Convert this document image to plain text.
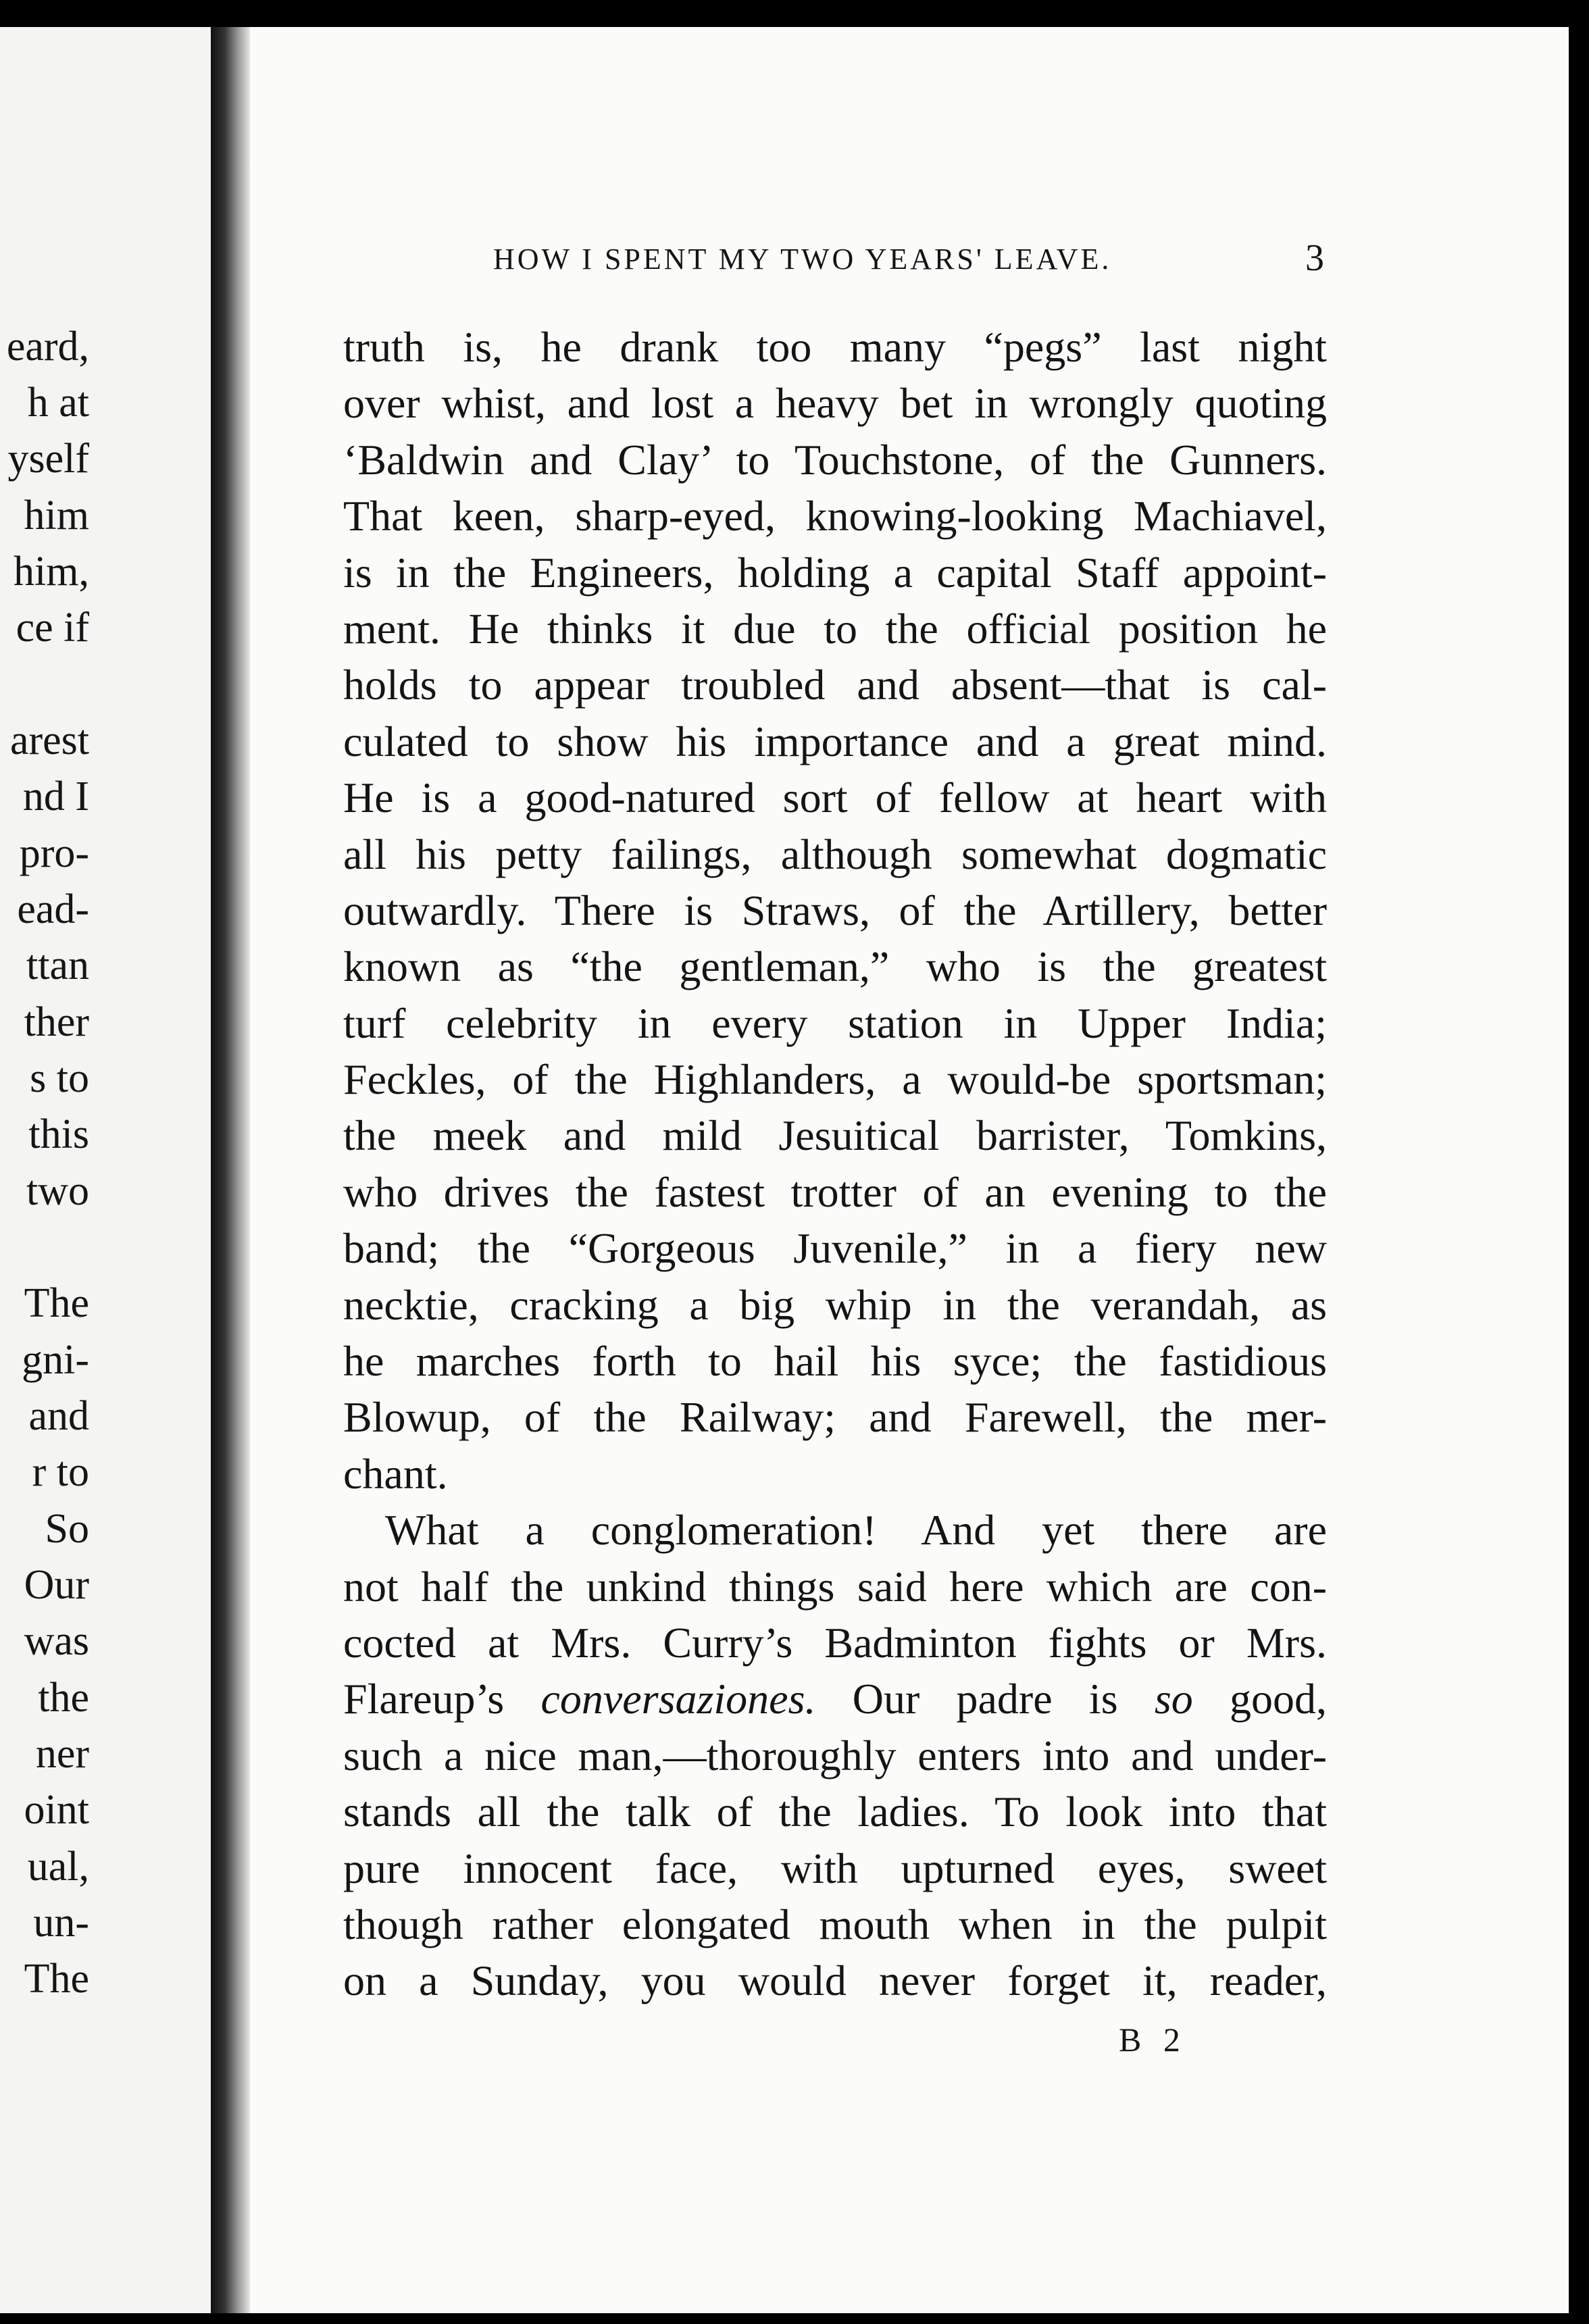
eard,
h at
yself
him
him,
ce if
arest
nd I
pro-
ead-
ttan
ther
s to
this
two
The
gni-
and
r to
So
Our
was
the
ner
oint
ual,
un-
The
HOW I SPENT MY TWO YEARS' LEAVE.	3
truth is, he drank too many “pegs” last night
over whist, and lost a heavy bet in wrongly quoting
‘Baldwin and Clay’ to Touchstone, of the Gunners.
That keen, sharp-eyed, knowing-looking Machiavel,
is in the Engineers, holding a capital Staff appoint-
ment. He thinks it due to the official position he
holds to appear troubled and absent—that is cal-
culated to show his importance and a great mind.
He is a good-natured sort of fellow at heart with
all his petty failings, although somewhat dogmatic
outwardly. There is Straws, of the Artillery, better
known as “the gentleman,” who is the greatest
turf celebrity in every station in Upper India;
Feckles, of the Highlanders, a would-be sportsman;
the meek and mild Jesuitical barrister, Tomkins,
who drives the fastest trotter of an evening to the
band; the “Gorgeous Juvenile,” in a fiery new
necktie, cracking a big whip in the verandah, as
he marches forth to hail his syce; the fastidious
Blowup, of the Railway; and Farewell, the mer-
chant.
What a conglomeration! And yet there are
not half the unkind things said here which are con-
cocted at Mrs. Curry’s Badminton fights or Mrs.
Flareup’s conversaziones. Our padre is so good,
such a nice man,—thoroughly enters into and under-
stands all the talk of the ladies. To look into that
pure innocent face, with upturned eyes, sweet
though rather elongated mouth when in the pulpit
on a Sunday, you would never forget it, reader,
B 2
